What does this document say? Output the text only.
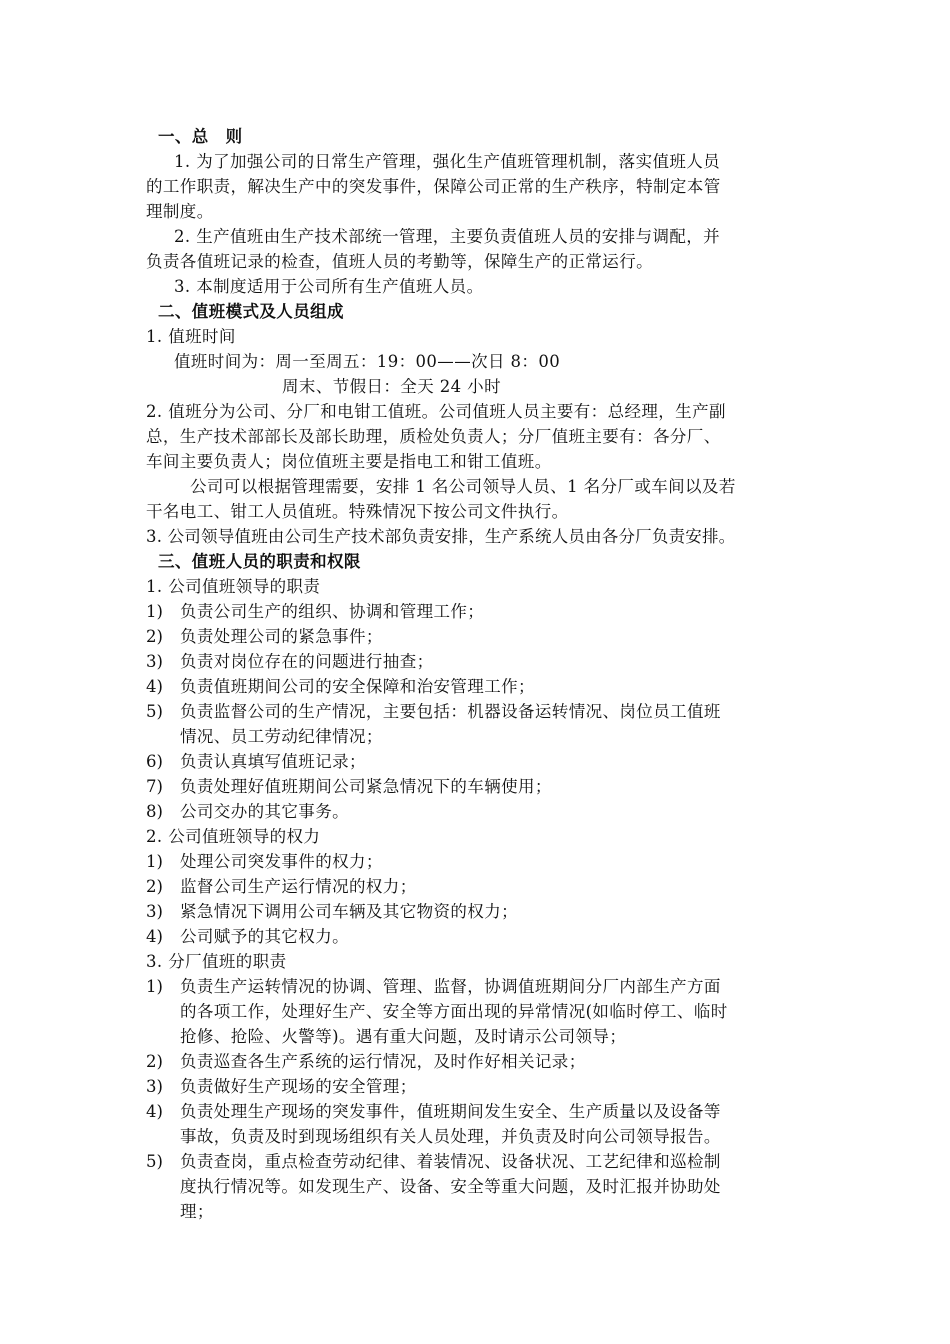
一、总　则
1. 为了加强公司的日常生产管理，强化生产值班管理机制，落实值班人员
的工作职责，解决生产中的突发事件，保障公司正常的生产秩序，特制定本管
理制度。
2. 生产值班由生产技术部统一管理，主要负责值班人员的安排与调配，并
负责各值班记录的检查，值班人员的考勤等，保障生产的正常运行。
3. 本制度适用于公司所有生产值班人员。
二、值班模式及人员组成
1. 值班时间
值班时间为：周一至周五：19：00——次日 8：00
周末、节假日：全天 24 小时
2. 值班分为公司、分厂和电钳工值班。公司值班人员主要有：总经理，生产副
总，生产技术部部长及部长助理，质检处负责人；分厂值班主要有：各分厂、
车间主要负责人；岗位值班主要是指电工和钳工值班。
公司可以根据管理需要，安排 1 名公司领导人员、1 名分厂或车间以及若
干名电工、钳工人员值班。特殊情况下按公司文件执行。
3. 公司领导值班由公司生产技术部负责安排，生产系统人员由各分厂负责安排。
三、值班人员的职责和权限
1. 公司值班领导的职责
1) 负责公司生产的组织、协调和管理工作；
2) 负责处理公司的紧急事件；
3) 负责对岗位存在的问题进行抽查；
4) 负责值班期间公司的安全保障和治安管理工作；
5) 负责监督公司的生产情况，主要包括：机器设备运转情况、岗位员工值班
情况、员工劳动纪律情况；
6) 负责认真填写值班记录；
7) 负责处理好值班期间公司紧急情况下的车辆使用；
8) 公司交办的其它事务。
2. 公司值班领导的权力
1) 处理公司突发事件的权力；
2) 监督公司生产运行情况的权力；
3) 紧急情况下调用公司车辆及其它物资的权力；
4) 公司赋予的其它权力。
3. 分厂值班的职责
1) 负责生产运转情况的协调、管理、监督，协调值班期间分厂内部生产方面
的各项工作，处理好生产、安全等方面出现的异常情况(如临时停工、临时
抢修、抢险、火警等)。遇有重大问题，及时请示公司领导；
2) 负责巡查各生产系统的运行情况，及时作好相关记录；
3) 负责做好生产现场的安全管理；
4) 负责处理生产现场的突发事件，值班期间发生安全、生产质量以及设备等
事故，负责及时到现场组织有关人员处理，并负责及时向公司领导报告。
5) 负责查岗，重点检查劳动纪律、着装情况、设备状况、工艺纪律和巡检制
度执行情况等。如发现生产、设备、安全等重大问题，及时汇报并协助处
理；
